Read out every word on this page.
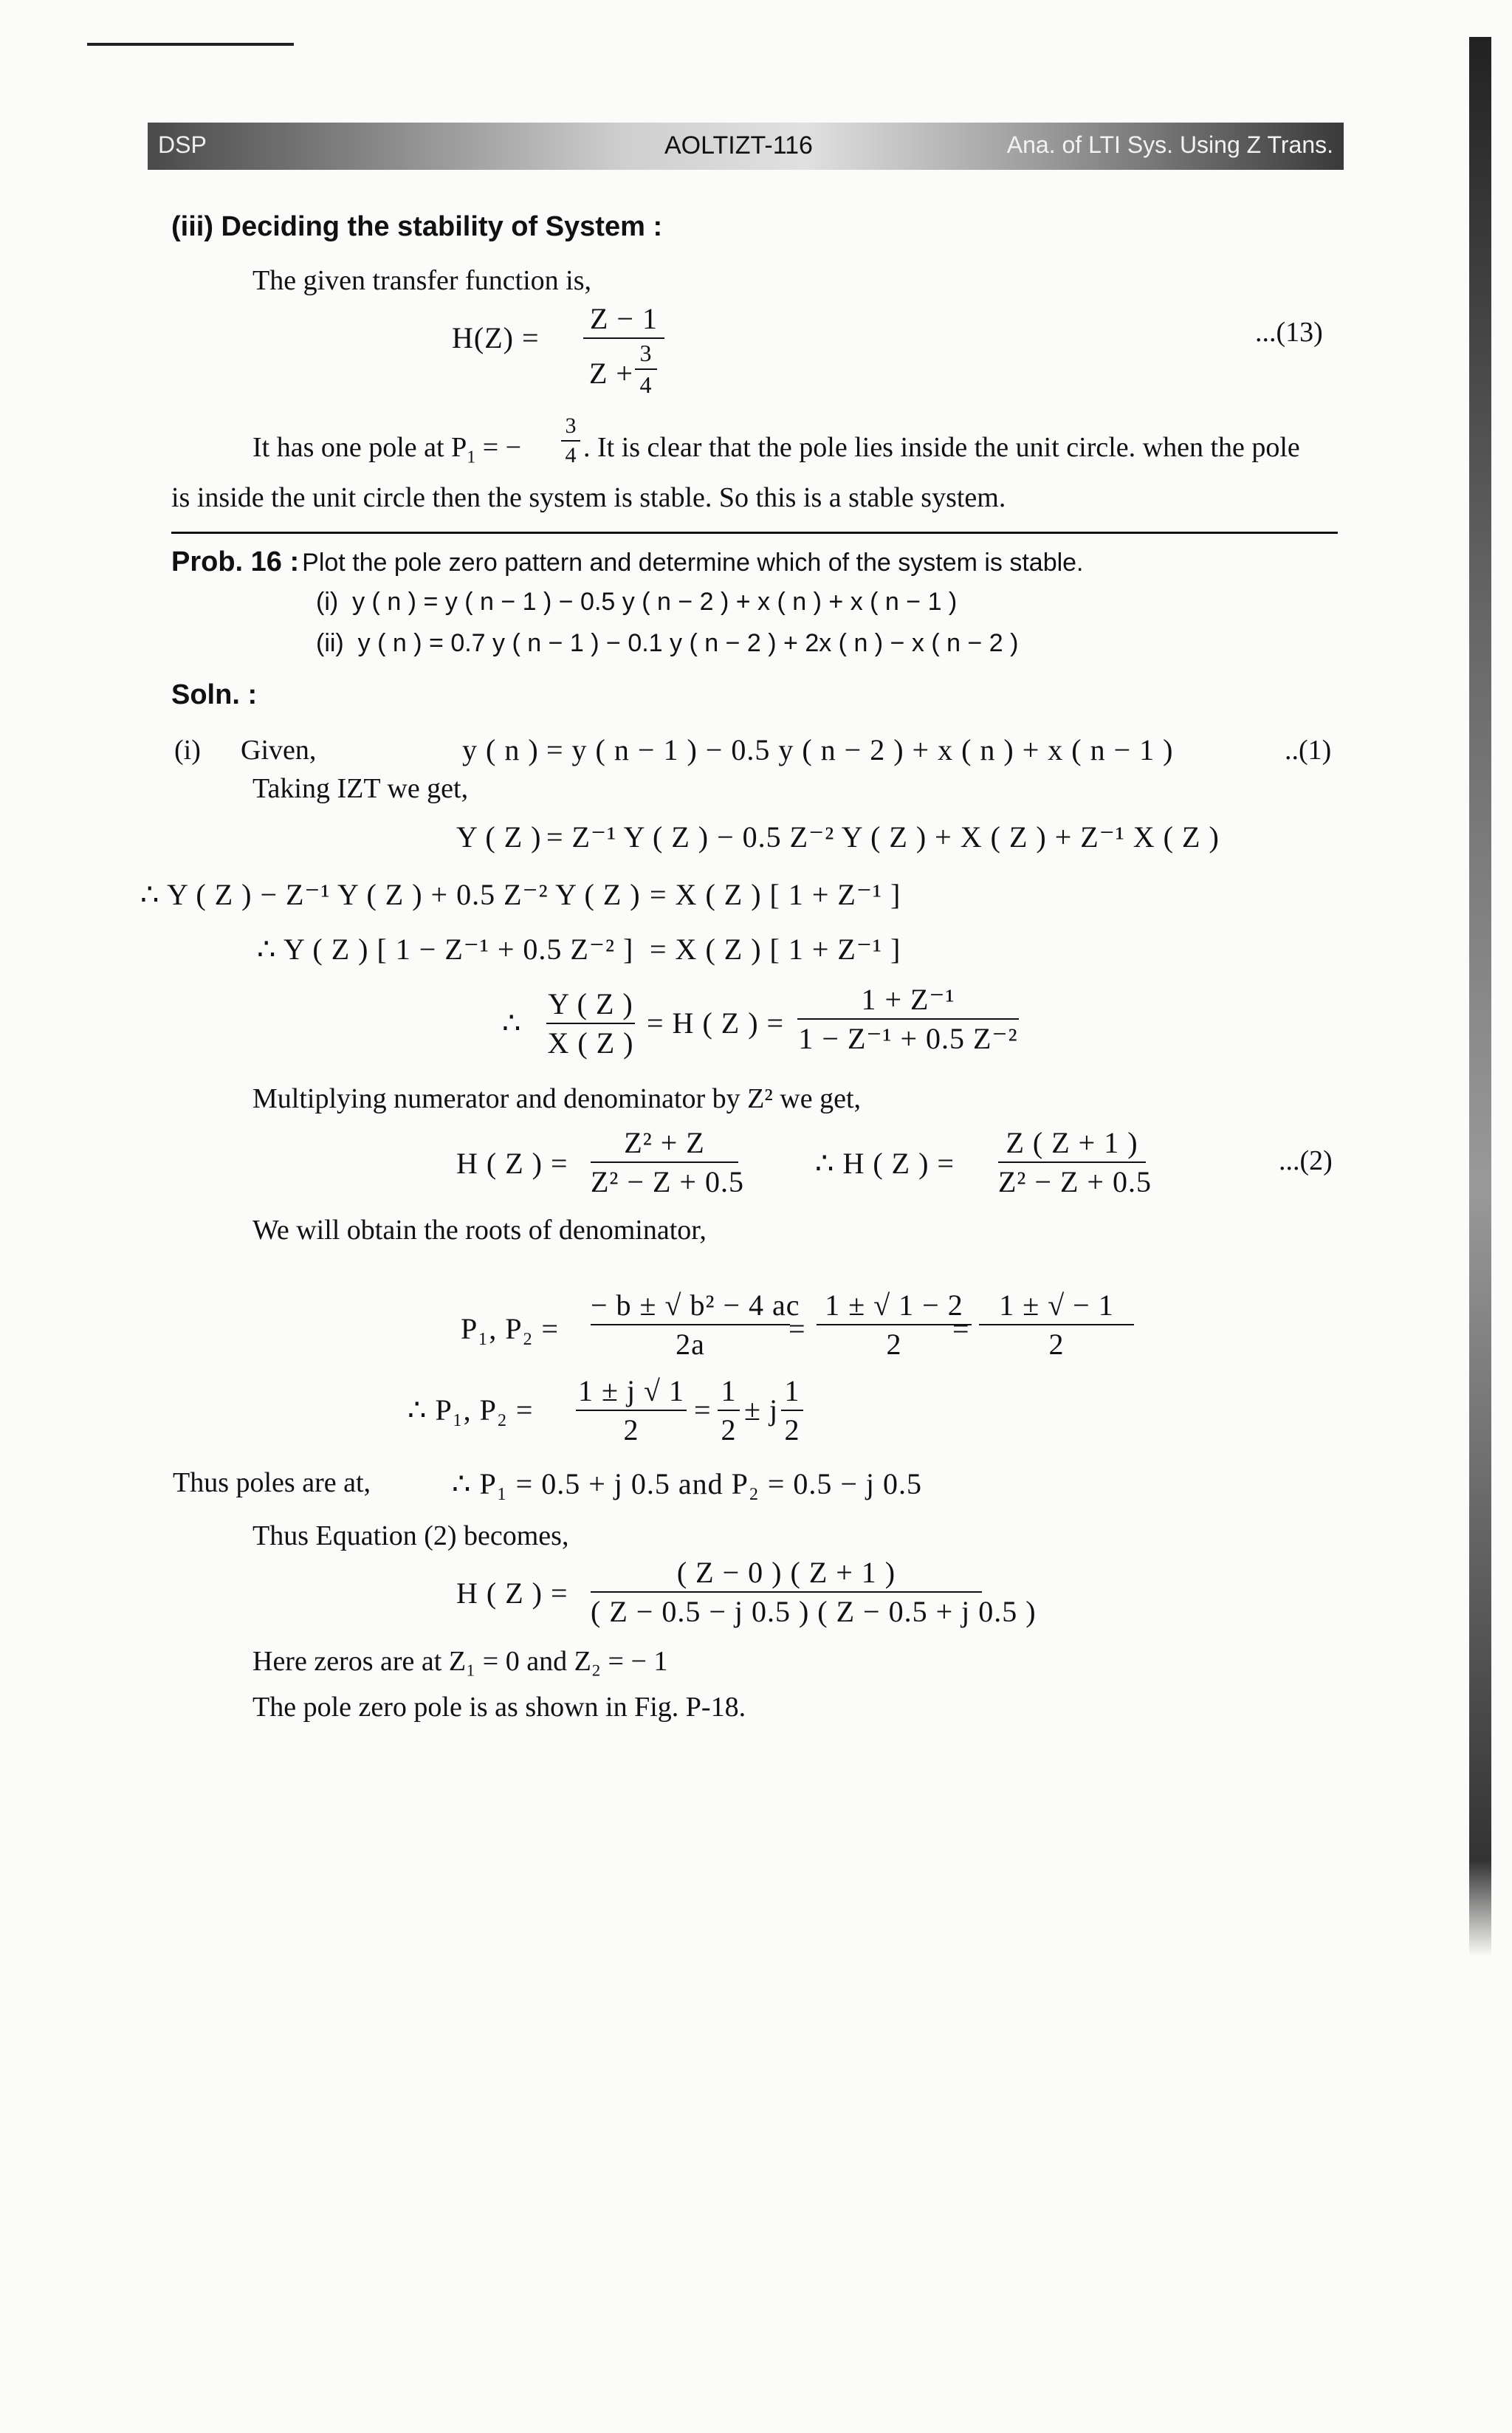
DSP	AOLTIZT-116	Ana. of LTI Sys. Using Z Trans.
(iii) Deciding the stability of System :
The given transfer function is,
H(Z) =
Z − 1
Z +
3
4
...(13)
It has one pole at $P_1$ = −
3
4 . It is clear that the pole lies inside the unit circle. when the pole
is inside the unit circle then the system is stable. So this is a stable system.
Prob. 16 : Plot the pole zero pattern and determine which of the system is stable.
(i) y ( n ) = y ( n − 1 ) − 0.5 y ( n − 2 ) + x ( n ) + x ( n − 1 )
(ii) y ( n ) = 0.7 y ( n − 1 ) − 0.1 y ( n − 2 ) + 2x ( n ) − x ( n − 2 )
Soln. :
(i) Given,	y ( n ) = y ( n − 1 ) − 0.5 y ( n − 2 ) + x ( n ) + x ( n − 1 )	..(1)
Taking IZT we get,
Y ( Z ) = Z⁻¹ Y ( Z ) − 0.5 Z⁻² Y ( Z ) + X ( Z ) + Z⁻¹ X ( Z )
∴ Y ( Z ) − Z⁻¹ Y ( Z ) + 0.5 Z⁻² Y ( Z ) = X ( Z ) [ 1 + Z⁻¹ ]
∴ Y ( Z ) [ 1 − Z⁻¹ + 0.5 Z⁻² ] = X ( Z ) [ 1 + Z⁻¹ ]
∴
Y ( Z )
X ( Z )
= H ( Z ) =
1 + Z⁻¹
1 − Z⁻¹ + 0.5 Z⁻²
Multiplying numerator and denominator by Z² we get,
H ( Z ) =
Z² + Z
Z² − Z + 0.5
∴ H ( Z ) =
Z ( Z + 1 )
Z² − Z + 0.5
...(2)
We will obtain the roots of denominator,
P₁, P₂ =
− b ± √ b² − 4 ac
2a	=
1 ± √ 1 − 2
2	=
1 ± √ − 1
2
∴ P₁, P₂ =
1 ± j √ 1
2
=
1
2
± j
1
2
Thus poles are at,	∴ P₁ = 0.5 + j 0.5 and P₂ = 0.5 − j 0.5
Thus Equation (2) becomes,
H ( Z ) =
( Z − 0 ) ( Z + 1 )
( Z − 0.5 − j 0.5 ) ( Z − 0.5 + j 0.5 )
Here zeros are at Z₁ = 0 and Z₂ = − 1
The pole zero pole is as shown in Fig. P-18.
